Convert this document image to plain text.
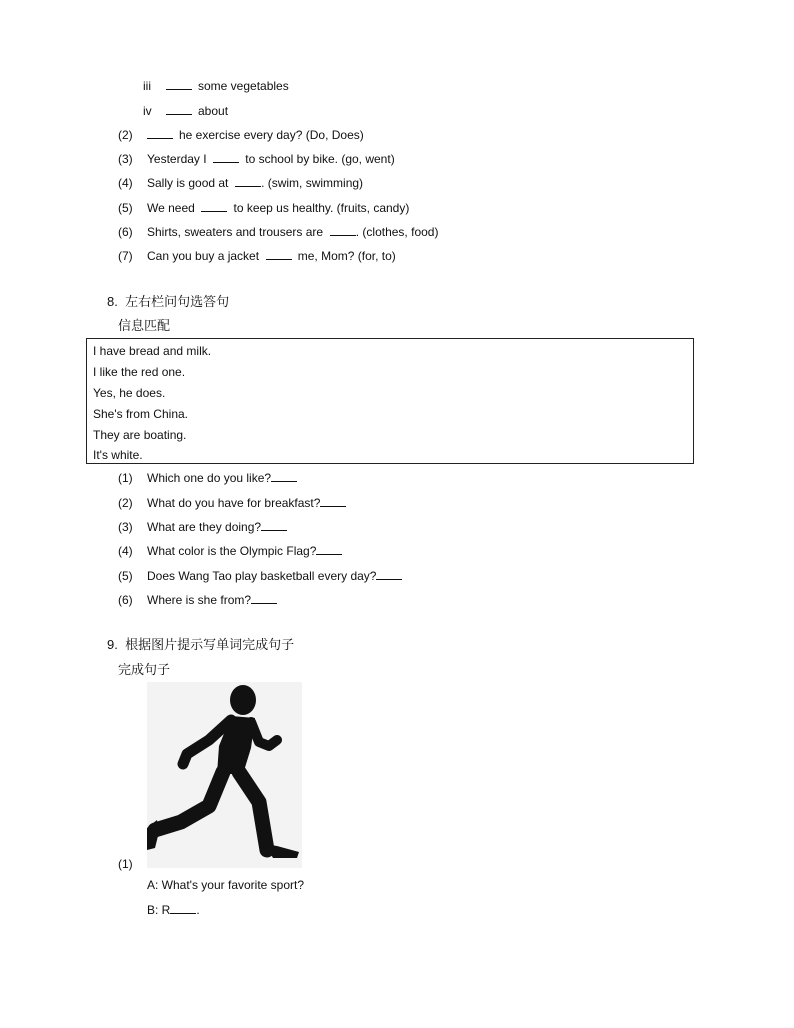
iii	some vegetables
iv	about
(2)	he exercise every day? (Do, Does)
(3) Yesterday I	to school by bike. (go, went)
(4) Sally is good at	. (swim, swimming)
(5) We need	to keep us healthy. (fruits, candy)
(6) Shirts, sweaters and trousers are	. (clothes, food)
(7) Can you buy a jacket	me, Mom? (for, to)
8. 左右栏问句选答句
信息匹配
I have bread and milk.
I like the red one.
Yes, he does.
She's from China.
They are boating.
It's white.
(1) Which one do you like?
(2) What do you have for breakfast?
(3) What are they doing?
(4) What color is the Olympic Flag?
(5) Does Wang Tao play basketball every day?
(6) Where is she from?
9. 根据图片提示写单词完成句子
完成句子
(1)
A: What's your favorite sport?
B: R .
